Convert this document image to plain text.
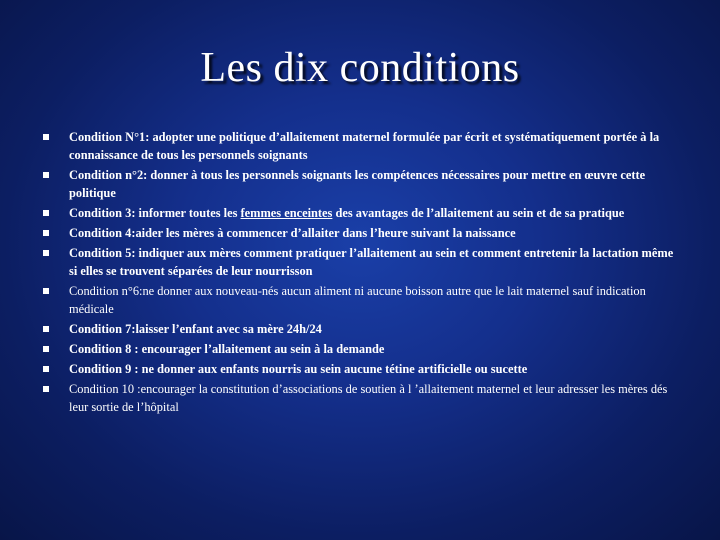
Les dix conditions
Condition N°1: adopter une politique d’allaitement maternel formulée par écrit et systématiquement portée à la connaissance de tous les personnels soignants
Condition n°2: donner à tous les personnels soignants les compétences nécessaires pour mettre en œuvre cette politique
Condition 3: informer toutes les femmes enceintes des avantages de l’allaitement au sein et de sa pratique
Condition 4:aider les mères à commencer d’allaiter dans l’heure suivant la naissance
Condition 5: indiquer aux mères comment pratiquer l’allaitement au sein et comment entretenir la lactation même si elles se trouvent séparées de leur nourrisson
Condition n°6:ne donner aux nouveau-nés aucun aliment ni aucune boisson autre que le lait maternel sauf indication médicale
Condition 7:laisser l’enfant avec sa mère 24h/24
Condition 8 : encourager l’allaitement au sein à la demande
Condition 9 : ne donner aux enfants nourris au sein aucune tétine artificielle ou sucette
Condition 10 :encourager la constitution d’associations de soutien à l ’allaitement maternel et leur adresser les mères dés leur sortie de l’hôpital
